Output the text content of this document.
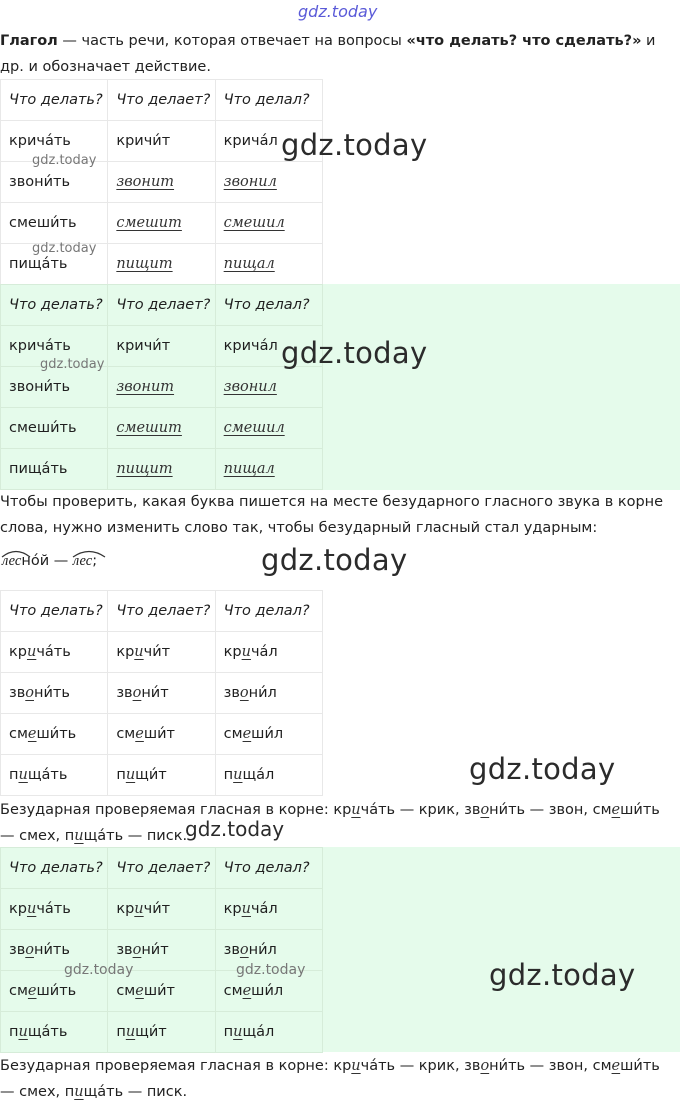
gdz.today
Глагол — часть речи, которая отвечает на вопросы «что делать? что сделать?» и др. и обозначает действие.
Что делать?	Что делает?	Что делал?
крича́ть	кричи́т	крича́л
звони́ть	звонит	звонил
смеши́ть	смешит	смешил
пища́ть	пищит	пищал
Что делать?	Что делает?	Что делал?
крича́ть	кричи́т	крича́л
звони́ть	звонит	звонил
смеши́ть	смешит	смешил
пища́ть	пищит	пищал
Чтобы проверить, какая буква пишется на месте безударного гласного звука в корне слова, нужно изменить слово так, чтобы безударный гласный стал ударным:
лесно́й —
лес;
Что делать?	Что делает?	Что делал?
крича́ть	кричи́т	крича́л
звони́ть	звони́т	звони́л
смеши́ть	смеши́т	смеши́л
пища́ть	пищи́т	пища́л
Безударная проверяемая гласная в корне: крича́ть — крик, звони́ть — звон, смеши́ть — смех, пища́ть — писк.
Что делать?	Что делает?	Что делал?
крича́ть	кричи́т	крича́л
звони́ть	звони́т	звони́л
смеши́ть	смеши́т	смеши́л
пища́ть	пищи́т	пища́л
Безударная проверяемая гласная в корне: крича́ть — крик, звони́ть — звон, смеши́ть — смех, пища́ть — писк.
gdz.today
gdz.today
gdz.today
gdz.today
gdz.today
gdz.today
gdz.today
gdz.today
gdz.today	gdz.today	gdz.today
